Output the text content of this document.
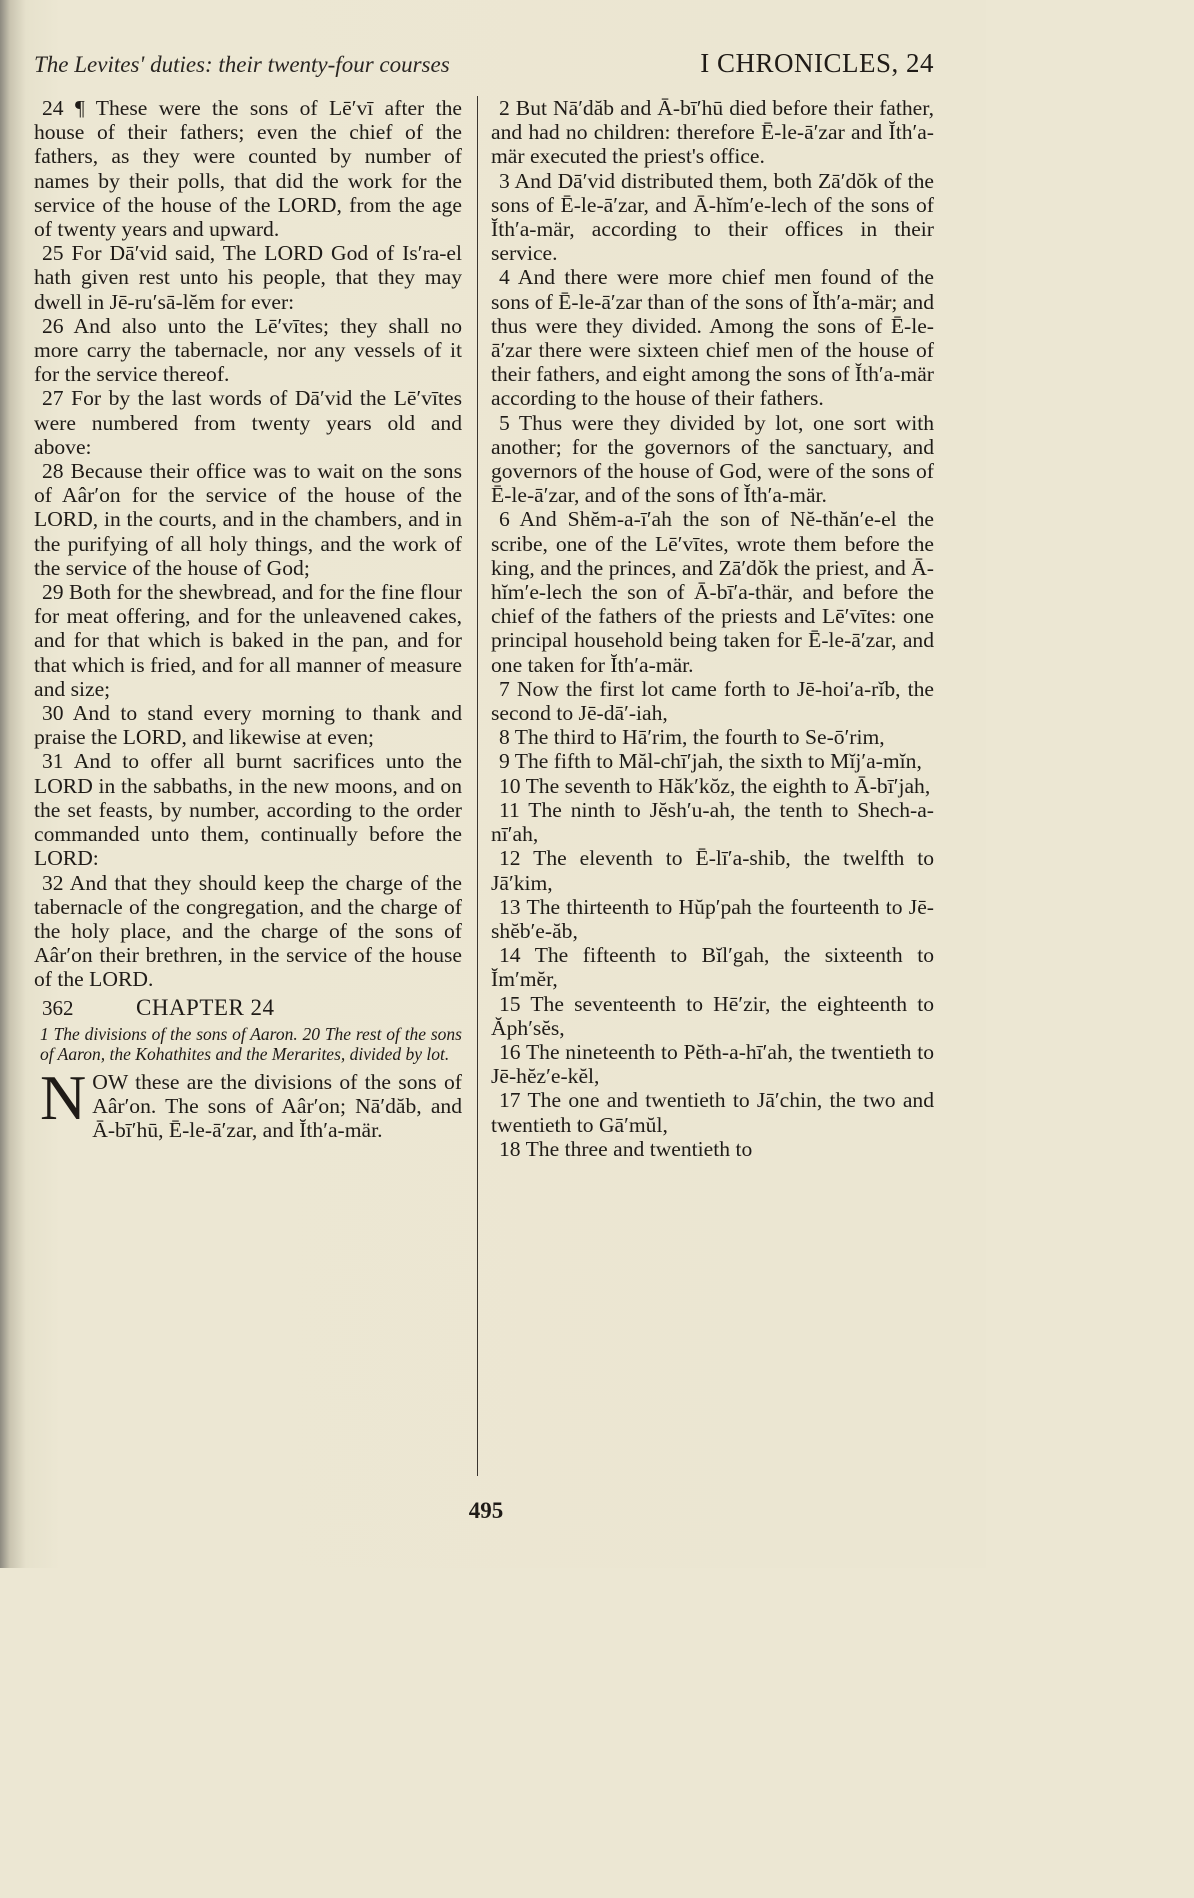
The Levites' duties: their twenty-four courses	I CHRONICLES, 24

24 ¶ These were the sons of Lē′vī after the house of their fathers; even the chief of the fathers, as they were counted by number of names by their polls, that did the work for the service of the house of the LORD, from the age of twenty years and upward.

25 For Dā′vid said, The LORD God of Is′ra-el hath given rest unto his people, that they may dwell in Jē-ru′sā-lĕm for ever:

26 And also unto the Lē′vītes; they shall no more carry the tabernacle, nor any vessels of it for the service thereof.

27 For by the last words of Dā′vid the Lē′vītes were numbered from twenty years old and above:

28 Because their office was to wait on the sons of Aâr′on for the service of the house of the LORD, in the courts, and in the chambers, and in the purifying of all holy things, and the work of the service of the house of God;

29 Both for the shewbread, and for the fine flour for meat offering, and for the unleavened cakes, and for that which is baked in the pan, and for that which is fried, and for all manner of measure and size;

30 And to stand every morning to thank and praise the LORD, and likewise at even;

31 And to offer all burnt sacrifices unto the LORD in the sabbaths, in the new moons, and on the set feasts, by number, according to the order commanded unto them, continually before the LORD:

32 And that they should keep the charge of the tabernacle of the congregation, and the charge of the holy place, and the charge of the sons of Aâr′on their brethren, in the service of the house of the LORD.

362	CHAPTER 24
1 The divisions of the sons of Aaron. 20 The rest of the sons of Aaron, the Kohathites and the Merarites, divided by lot.

N OW these are the divisions of the sons of Aâr′on. The sons of Aâr′on; Nā′dăb, and Ā-bī′hū, Ē-le-ā′zar, and Ĭth′a-mär.

2 But Nā′dăb and Ā-bī′hū died before their father, and had no children: therefore Ē-le-ā′zar and Ĭth′a-mär executed the priest's office.

3 And Dā′vid distributed them, both Zā′dŏk of the sons of Ē-le-ā′zar, and Ā-hĭm′e-lech of the sons of Ĭth′a-mär, according to their offices in their service.

4 And there were more chief men found of the sons of Ē-le-ā′zar than of the sons of Ĭth′a-mär; and thus were they divided. Among the sons of Ē-le-ā′zar there were sixteen chief men of the house of their fathers, and eight among the sons of Ĭth′a-mär according to the house of their fathers.

5 Thus were they divided by lot, one sort with another; for the governors of the sanctuary, and governors of the house of God, were of the sons of Ē-le-ā′zar, and of the sons of Ĭth′a-mär.

6 And Shĕm-a-ī′ah the son of Nĕ-thăn′e-el the scribe, one of the Lē′vītes, wrote them before the king, and the princes, and Zā′dŏk the priest, and Ā-hĭm′e-lech the son of Ā-bī′a-thär, and before the chief of the fathers of the priests and Lē′vītes: one principal household being taken for Ē-le-ā′zar, and one taken for Ĭth′a-mär.

7 Now the first lot came forth to Jē-hoi′a-rĭb, the second to Jē-dā′-iah,

8 The third to Hā′rim, the fourth to Se-ō′rim,

9 The fifth to Măl-chī′jah, the sixth to Mĭj′a-mĭn,

10 The seventh to Hăk′kŏz, the eighth to Ā-bī′jah,

11 The ninth to Jĕsh′u-ah, the tenth to Shech-a-nī′ah,

12 The eleventh to Ē-lī′a-shib, the twelfth to Jā′kim,

13 The thirteenth to Hŭp′pah the fourteenth to Jē-shĕb′e-ăb,

14 The fifteenth to Bĭl′gah, the sixteenth to Ĭm′mĕr,

15 The seventeenth to Hē′zir, the eighteenth to Ăph′sĕs,

16 The nineteenth to Pĕth-a-hī′ah, the twentieth to Jē-hĕz′e-kĕl,

17 The one and twentieth to Jā′chin, the two and twentieth to Gā′mŭl,

18 The three and twentieth to

495
